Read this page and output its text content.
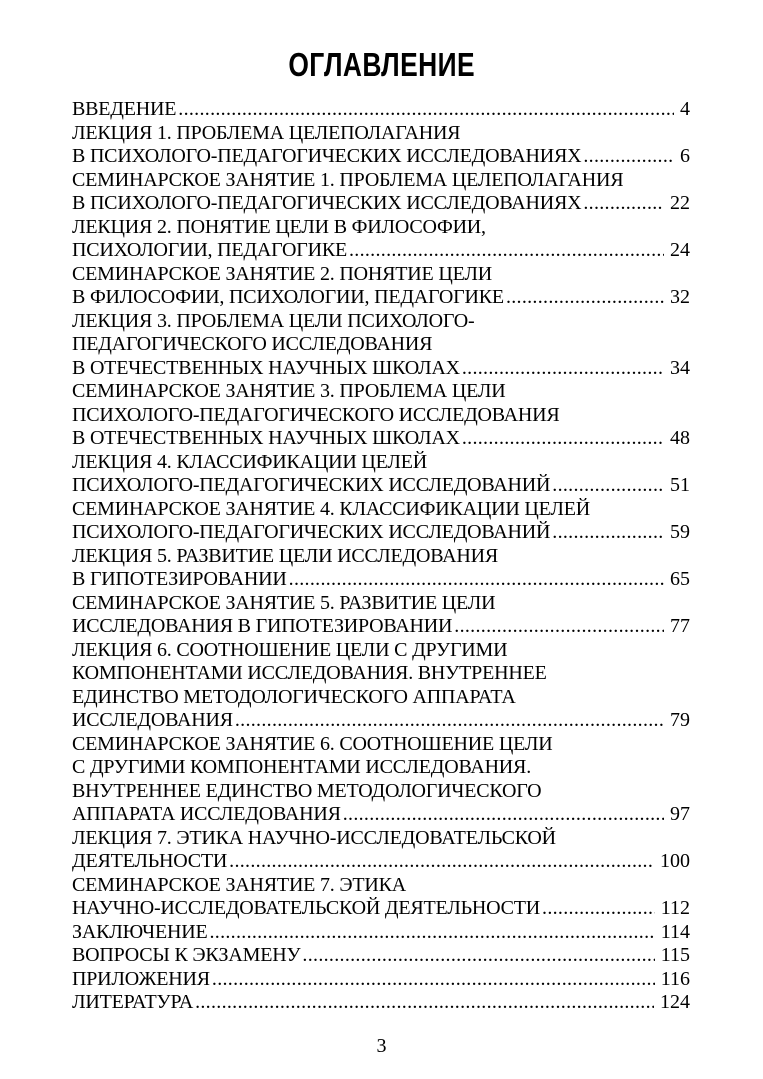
ОГЛАВЛЕНИЕ
ВВЕДЕНИЕ .....	4
ЛЕКЦИЯ 1. ПРОБЛЕМА ЦЕЛЕПОЛАГАНИЯ
В ПСИХОЛОГО-ПЕДАГОГИЧЕСКИХ ИССЛЕДОВАНИЯХ .....	6
СЕМИНАРСКОЕ ЗАНЯТИЕ 1. ПРОБЛЕМА ЦЕЛЕПОЛАГАНИЯ
В ПСИХОЛОГО-ПЕДАГОГИЧЕСКИХ ИССЛЕДОВАНИЯХ .....	22
ЛЕКЦИЯ 2. ПОНЯТИЕ ЦЕЛИ В ФИЛОСОФИИ,
ПСИХОЛОГИИ, ПЕДАГОГИКЕ .....	24
СЕМИНАРСКОЕ ЗАНЯТИЕ 2. ПОНЯТИЕ ЦЕЛИ
В ФИЛОСОФИИ, ПСИХОЛОГИИ, ПЕДАГОГИКЕ .....	32
ЛЕКЦИЯ 3. ПРОБЛЕМА ЦЕЛИ ПСИХОЛОГО-
ПЕДАГОГИЧЕСКОГО ИССЛЕДОВАНИЯ
В ОТЕЧЕСТВЕННЫХ НАУЧНЫХ ШКОЛАХ .....	34
СЕМИНАРСКОЕ ЗАНЯТИЕ 3. ПРОБЛЕМА ЦЕЛИ
ПСИХОЛОГО-ПЕДАГОГИЧЕСКОГО ИССЛЕДОВАНИЯ
В ОТЕЧЕСТВЕННЫХ НАУЧНЫХ ШКОЛАХ .....	48
ЛЕКЦИЯ 4. КЛАССИФИКАЦИИ ЦЕЛЕЙ
ПСИХОЛОГО-ПЕДАГОГИЧЕСКИХ ИССЛЕДОВАНИЙ .....	51
СЕМИНАРСКОЕ ЗАНЯТИЕ 4. КЛАССИФИКАЦИИ ЦЕЛЕЙ
ПСИХОЛОГО-ПЕДАГОГИЧЕСКИХ ИССЛЕДОВАНИЙ .....	59
ЛЕКЦИЯ 5. РАЗВИТИЕ ЦЕЛИ ИССЛЕДОВАНИЯ
В ГИПОТЕЗИРОВАНИИ .....	65
СЕМИНАРСКОЕ ЗАНЯТИЕ 5. РАЗВИТИЕ ЦЕЛИ
ИССЛЕДОВАНИЯ В ГИПОТЕЗИРОВАНИИ .....	77
ЛЕКЦИЯ 6. СООТНОШЕНИЕ ЦЕЛИ С ДРУГИМИ
КОМПОНЕНТАМИ ИССЛЕДОВАНИЯ. ВНУТРЕННЕЕ
ЕДИНСТВО МЕТОДОЛОГИЧЕСКОГО АППАРАТА
ИССЛЕДОВАНИЯ .....	79
СЕМИНАРСКОЕ ЗАНЯТИЕ 6. СООТНОШЕНИЕ ЦЕЛИ
С ДРУГИМИ КОМПОНЕНТАМИ ИССЛЕДОВАНИЯ.
ВНУТРЕННЕЕ ЕДИНСТВО МЕТОДОЛОГИЧЕСКОГО
АППАРАТА ИССЛЕДОВАНИЯ .....	97
ЛЕКЦИЯ 7. ЭТИКА НАУЧНО-ИССЛЕДОВАТЕЛЬСКОЙ
ДЕЯТЕЛЬНОСТИ .....	100
СЕМИНАРСКОЕ ЗАНЯТИЕ 7. ЭТИКА
НАУЧНО-ИССЛЕДОВАТЕЛЬСКОЙ ДЕЯТЕЛЬНОСТИ .....	112
ЗАКЛЮЧЕНИЕ .....	114
ВОПРОСЫ К ЭКЗАМЕНУ .....	115
ПРИЛОЖЕНИЯ .....	116
ЛИТЕРАТУРА .....	124
3
